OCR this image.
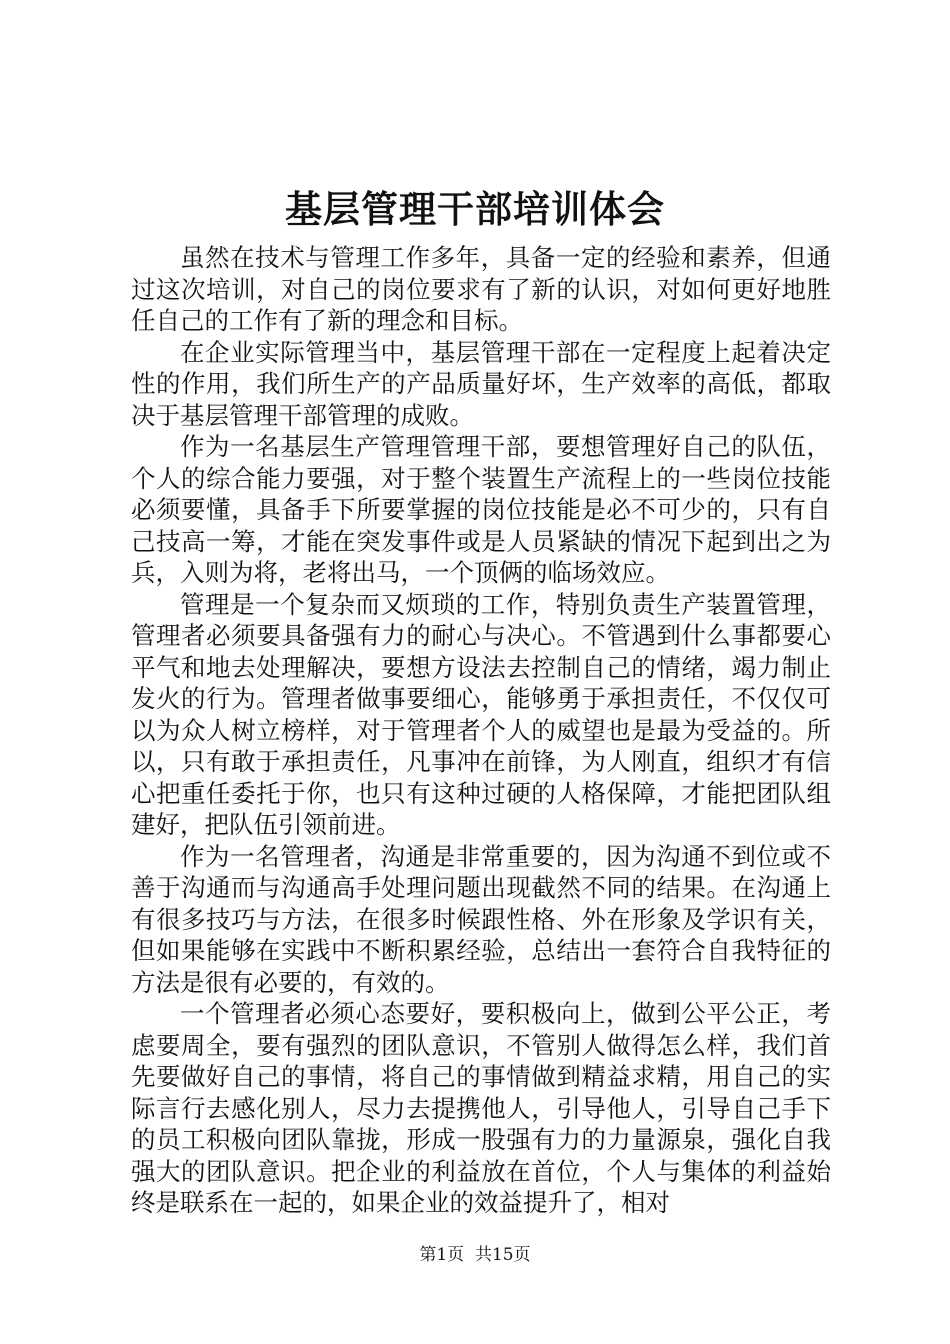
基层管理干部培训体会

虽然在技术与管理工作多年，具备一定的经验和素养，但通过这次培训，对自己的岗位要求有了新的认识，对如何更好地胜任自己的工作有了新的理念和目标。

在企业实际管理当中，基层管理干部在一定程度上起着决定性的作用，我们所生产的产品质量好坏，生产效率的高低，都取决于基层管理干部管理的成败。

作为一名基层生产管理管理干部，要想管理好自己的队伍，个人的综合能力要强，对于整个装置生产流程上的一些岗位技能必须要懂，具备手下所要掌握的岗位技能是必不可少的，只有自己技高一筹，才能在突发事件或是人员紧缺的情况下起到出之为兵，入则为将，老将出马，一个顶俩的临场效应。

管理是一个复杂而又烦琐的工作，特别负责生产装置管理，管理者必须要具备强有力的耐心与决心。不管遇到什么事都要心平气和地去处理解决，要想方设法去控制自己的情绪，竭力制止发火的行为。管理者做事要细心，能够勇于承担责任，不仅仅可以为众人树立榜样，对于管理者个人的威望也是最为受益的。所以，只有敢于承担责任，凡事冲在前锋，为人刚直，组织才有信心把重任委托于你，也只有这种过硬的人格保障，才能把团队组建好，把队伍引领前进。

作为一名管理者，沟通是非常重要的，因为沟通不到位或不善于沟通而与沟通高手处理问题出现截然不同的结果。在沟通上有很多技巧与方法，在很多时候跟性格、外在形象及学识有关，但如果能够在实践中不断积累经验，总结出一套符合自我特征的方法是很有必要的，有效的。

一个管理者必须心态要好，要积极向上，做到公平公正，考虑要周全，要有强烈的团队意识，不管别人做得怎么样，我们首先要做好自己的事情，将自己的事情做到精益求精，用自己的实际言行去感化别人，尽力去提携他人，引导他人，引导自己手下的员工积极向团队靠拢，形成一股强有力的力量源泉，强化自我强大的团队意识。把企业的利益放在首位，个人与集体的利益始终是联系在一起的，如果企业的效益提升了，相对

第1页  共15页
